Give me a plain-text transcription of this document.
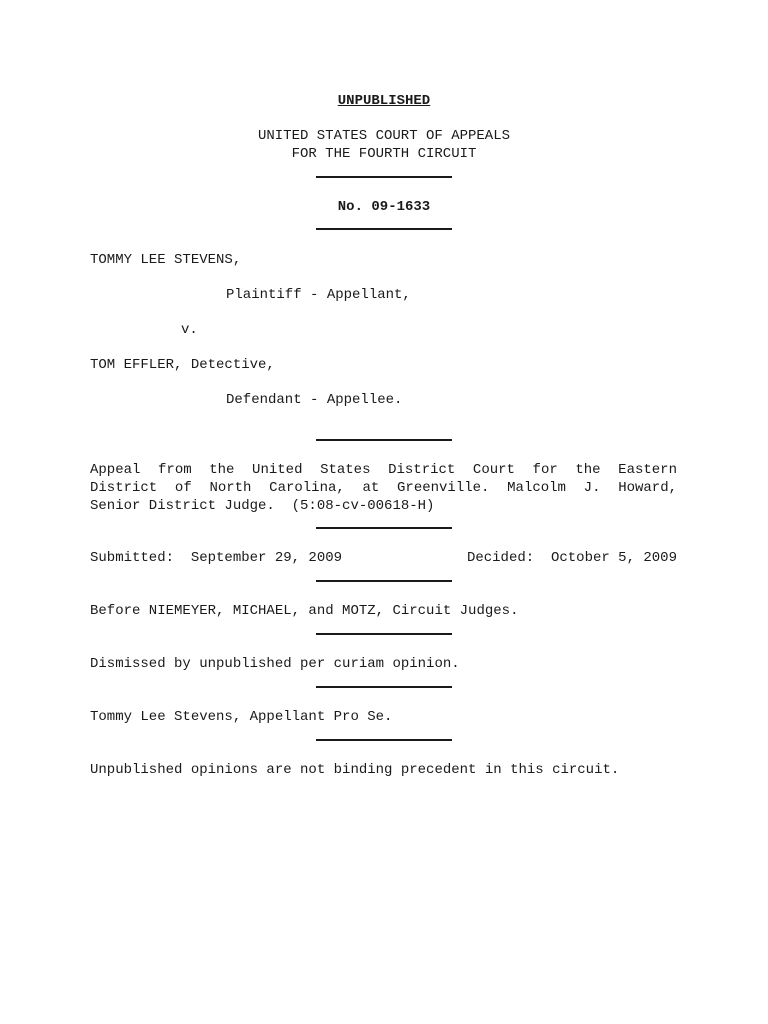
UNPUBLISHED
UNITED STATES COURT OF APPEALS
FOR THE FOURTH CIRCUIT
No. 09-1633
TOMMY LEE STEVENS,
Plaintiff - Appellant,
v.
TOM EFFLER, Detective,
Defendant - Appellee.
Appeal from the United States District Court for the Eastern
District of North Carolina, at Greenville. Malcolm J. Howard,
Senior District Judge.  (5:08-cv-00618-H)
Submitted:  September 29, 2009	Decided:  October 5, 2009
Before NIEMEYER, MICHAEL, and MOTZ, Circuit Judges.
Dismissed by unpublished per curiam opinion.
Tommy Lee Stevens, Appellant Pro Se.
Unpublished opinions are not binding precedent in this circuit.
